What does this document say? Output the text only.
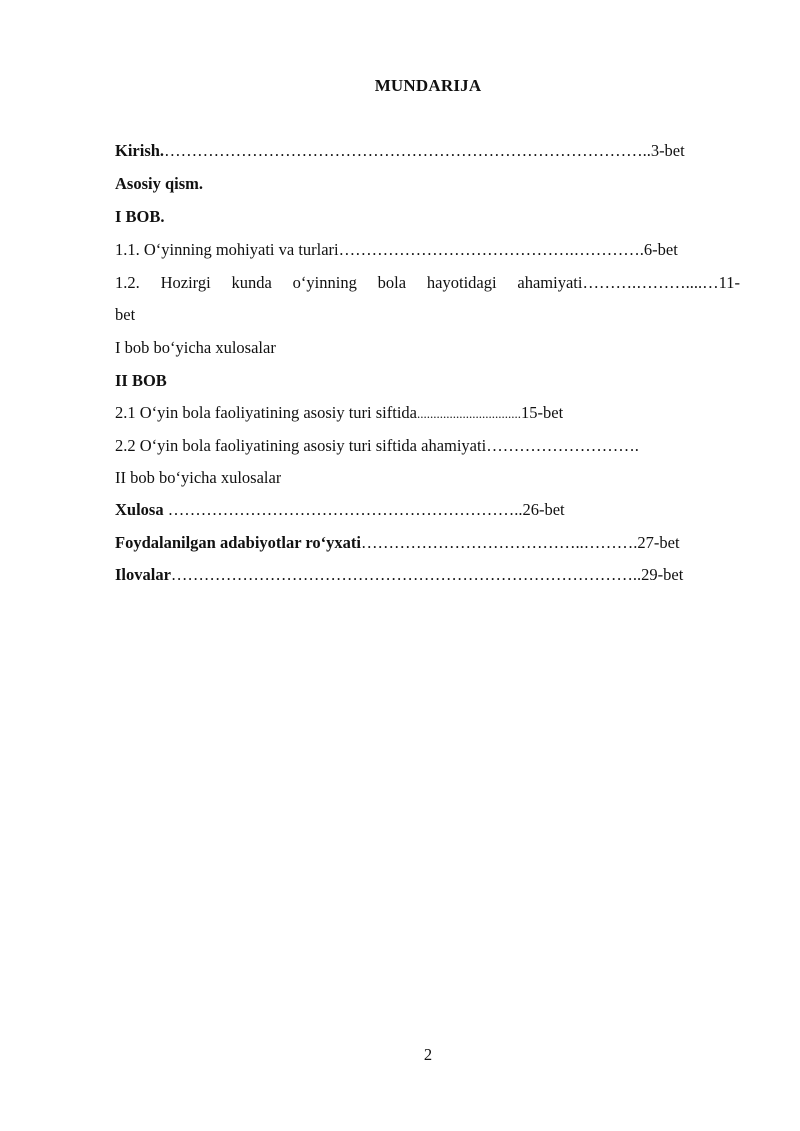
MUNDARIJA
Kirish.……………………………………………………………………………..3-bet
Asosiy qism.
I BOB.
1.1. O‘yinning mohiyati va turlari…………………………………….………….6-bet
1.2. Hozirgi kunda o‘yinning bola hayotidagi ahamiyati……….………....…11-
bet
I bob bo‘yicha xulosalar
II BOB
2.1 O‘yin bola faoliyatining asosiy turi siftida................................15-bet
2.2 O‘yin bola faoliyatining asosiy turi siftida ahamiyati……………………….
II bob bo‘yicha xulosalar
Xulosa ………………………………………………………..26-bet
Foydalanilgan adabiyotlar ro‘yxati…………………………………..……….27-bet
Ilovalar…………………………………………………………………………..29-bet
2
